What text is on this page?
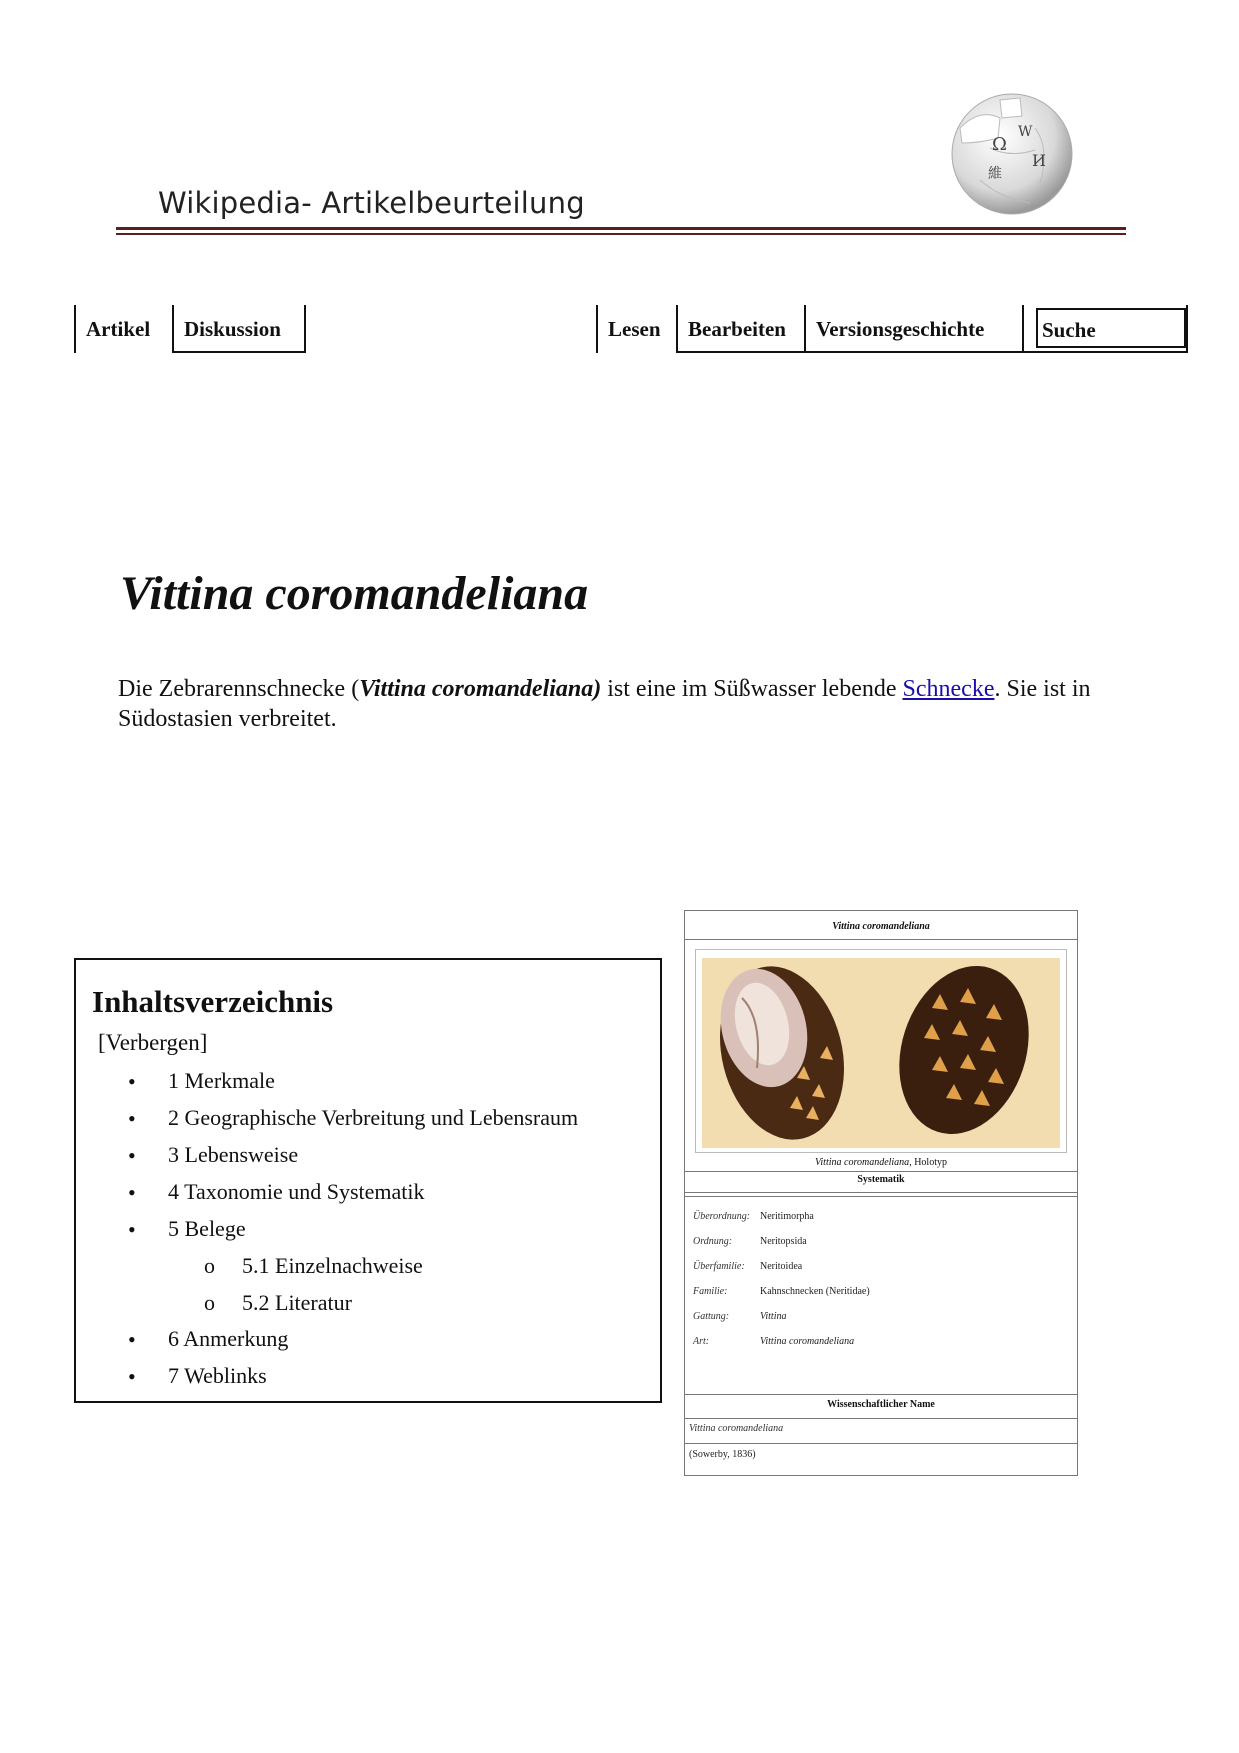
Wikipedia- Artikelbeurteilung
Ω
W
維
И
Artikel	Diskussion	Lesen	Bearbeiten	Versionsgeschichte	Suche
Vittina coromandeliana
Die Zebrarennschnecke (Vittina coromandeliana) ist eine im Süßwasser lebende Schnecke. Sie ist in Südostasien verbreitet.
Inhaltsverzeichnis
[Verbergen]
• 1 Merkmale
• 2 Geographische Verbreitung und Lebensraum
• 3 Lebensweise
• 4 Taxonomie und Systematik
• 5 Belege
o 5.1 Einzelnachweise
o 5.2 Literatur
• 6 Anmerkung
• 7 Weblinks
Vittina coromandeliana
Vittina coromandeliana, Holotyp
Systematik
Überordnung: Neritimorpha
Ordnung:	Neritopsida
Überfamilie: Neritoidea
Familie:	Kahnschnecken (Neritidae)
Gattung:	Vittina
Art:	Vittina coromandeliana
Wissenschaftlicher Name
Vittina coromandeliana
(Sowerby, 1836)
